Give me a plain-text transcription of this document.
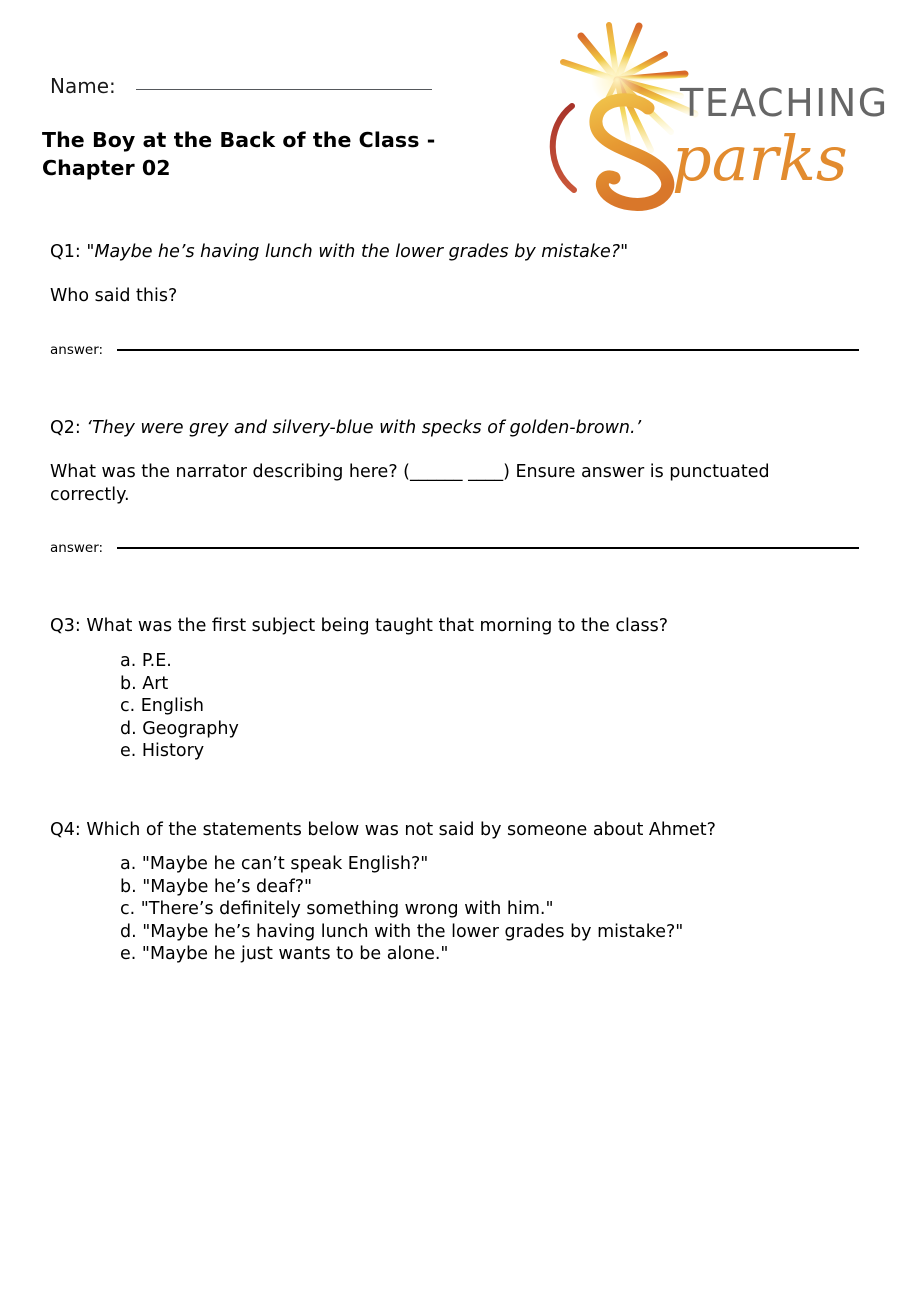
Name:
The Boy at the Back of the Class - Chapter 02
TEACHING
parks
Q1: "Maybe he’s having lunch with the lower grades by mistake?"
Who said this?
answer:
Q2: ‘They were grey and silvery-blue with specks of golden-brown.’
What was the narrator describing here? (______ ____) Ensure answer is punctuated correctly.
answer:
Q3: What was the first subject being taught that morning to the class?
a. P.E.
b. Art
c. English
d. Geography
e. History
Q4: Which of the statements below was not said by someone about Ahmet?
a. "Maybe he can’t speak English?"
b. "Maybe he’s deaf?"
c. "There’s definitely something wrong with him."
d. "Maybe he’s having lunch with the lower grades by mistake?"
e. "Maybe he just wants to be alone."
